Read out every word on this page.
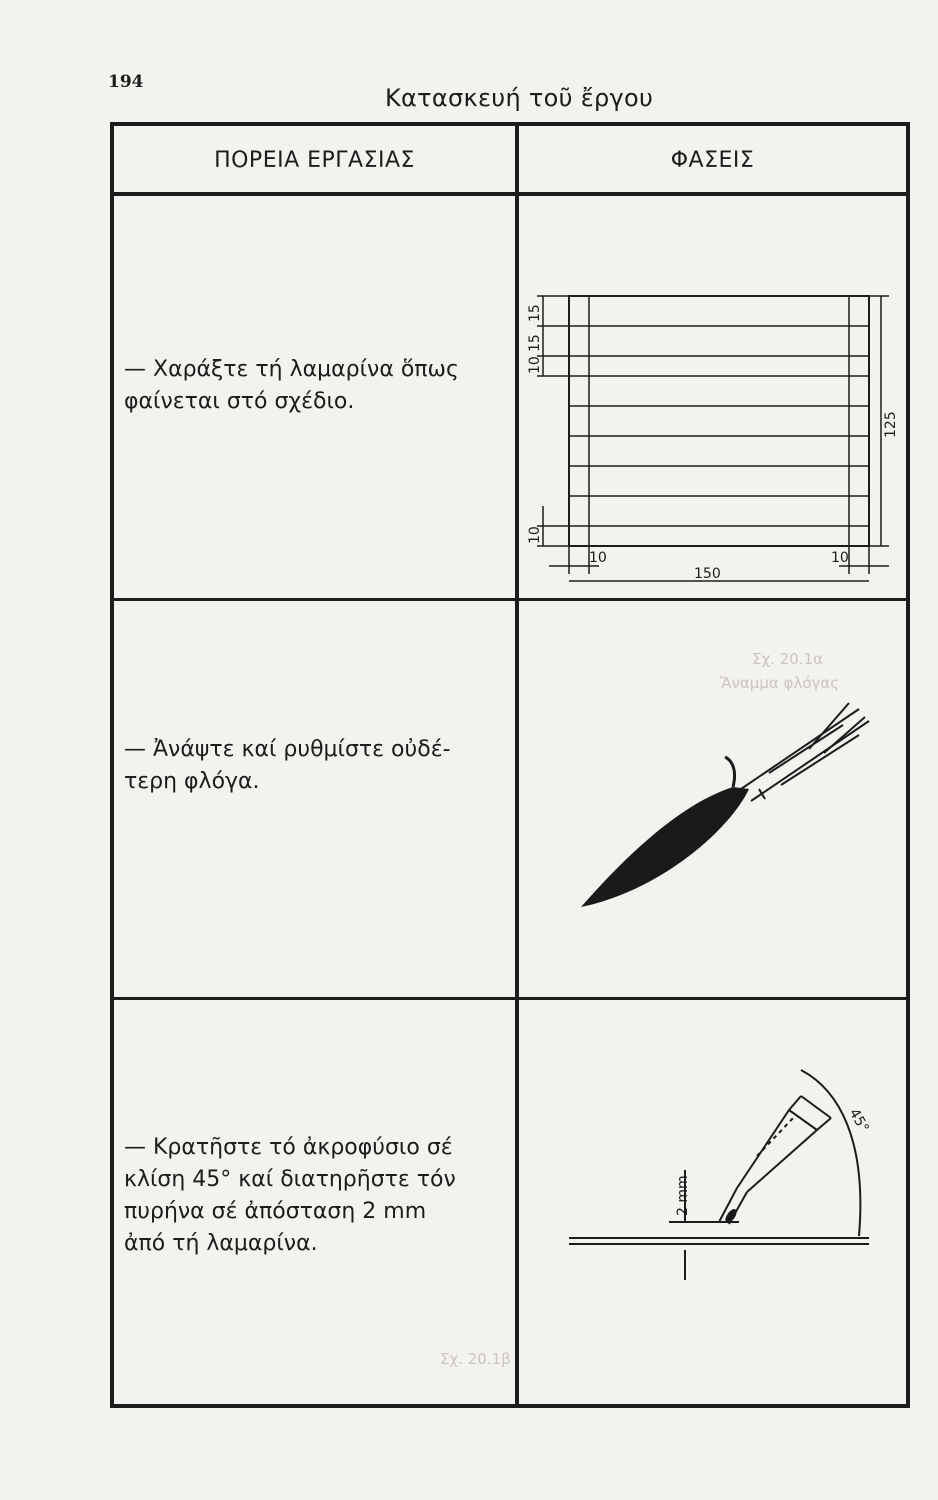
194
Κατασκευή τοῦ ἔργου
ΠΟΡΕΙΑ ΕΡΓΑΣΙΑΣ	ΦΑΣΕΙΣ
— Χαράξτε τή λαμαρίνα ὅπως
φαίνεται στό σχέδιο.
— Ἀνάψτε καί ρυθμίστε οὐδέ-
τερη φλόγα.
— Κρατῆστε τό ἀκροφύσιο σέ
κλίση 45° καί διατηρῆστε τόν
πυρήνα σέ ἀπόσταση 2 mm
ἀπό τή λαμαρίνα.
15
15
10
10
125
10	10
150
2 mm
45°
Σχ. 20.1α
Ἄναμμα φλόγας
Σχ. 20.1β
